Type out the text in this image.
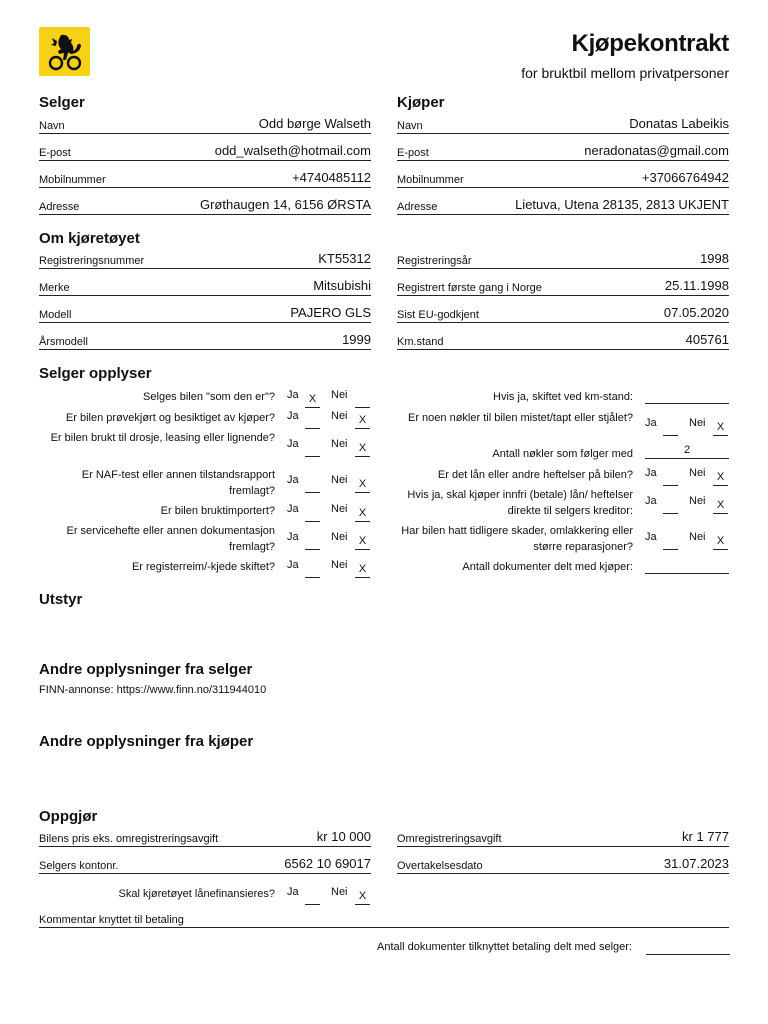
Kjøpekontrakt
for bruktbil mellom privatpersoner
Selger	Kjøper
Navn	Odd børge Walseth
E-post	odd_walseth@hotmail.com
Mobilnummer	+4740485112
Adresse	Grøthaugen 14, 6156 ØRSTA
Navn	Donatas Labeikis
E-post	neradonatas@gmail.com
Mobilnummer	+37066764942
Adresse	Lietuva, Utena 28135, 2813 UKJENT
Om kjøretøyet
Registreringsnummer	KT55312
Merke	Mitsubishi
Modell	PAJERO GLS
Årsmodell	1999
Registreringsår	1998
Registrert første gang i Norge	25.11.1998
Sist EU-godkjent	07.05.2020
Km.stand	405761
Selger opplyser
Selges bilen "som den er"? Ja X	Nei
Er bilen prøvekjørt og besiktiget av kjøper? Ja	Nei	X
Er bilen brukt til drosje, leasing eller lignende? Ja	Nei	X
Er NAF-test eller annen tilstandsrapport fremlagt?
Ja	Nei	X
Er bilen bruktimportert? Ja	Nei	X
Er servicehefte eller annen dokumentasjon fremlagt?
Ja	Nei	X
Er registerreim/-kjede skiftet? Ja	Nei	X
Hvis ja, skiftet ved km-stand:
Er noen nøkler til bilen mistet/tapt eller stjålet? Ja	Nei	X
Antall nøkler som følger med	2
Er det lån eller andre heftelser på bilen? Ja	Nei	X
Hvis ja, skal kjøper innfri (betale) lån/ heftelser direkte til selgers kreditor:
Ja	Nei	X
Har bilen hatt tidligere skader, omlakkering eller større reparasjoner?
Ja	Nei	X
Antall dokumenter delt med kjøper:
Utstyr
Andre opplysninger fra selger
FINN-annonse: https://www.finn.no/311944010
Andre opplysninger fra kjøper
Oppgjør
Bilens pris eks. omregistreringsavgift	kr 10 000
Selgers kontonr.	6562 10 69017
Omregistreringsavgift	kr 1 777
Overtakelsesdato	31.07.2023
Skal kjøretøyet lånefinansieres? Ja	Nei	X
Kommentar knyttet til betaling
Antall dokumenter tilknyttet betaling delt med selger:
